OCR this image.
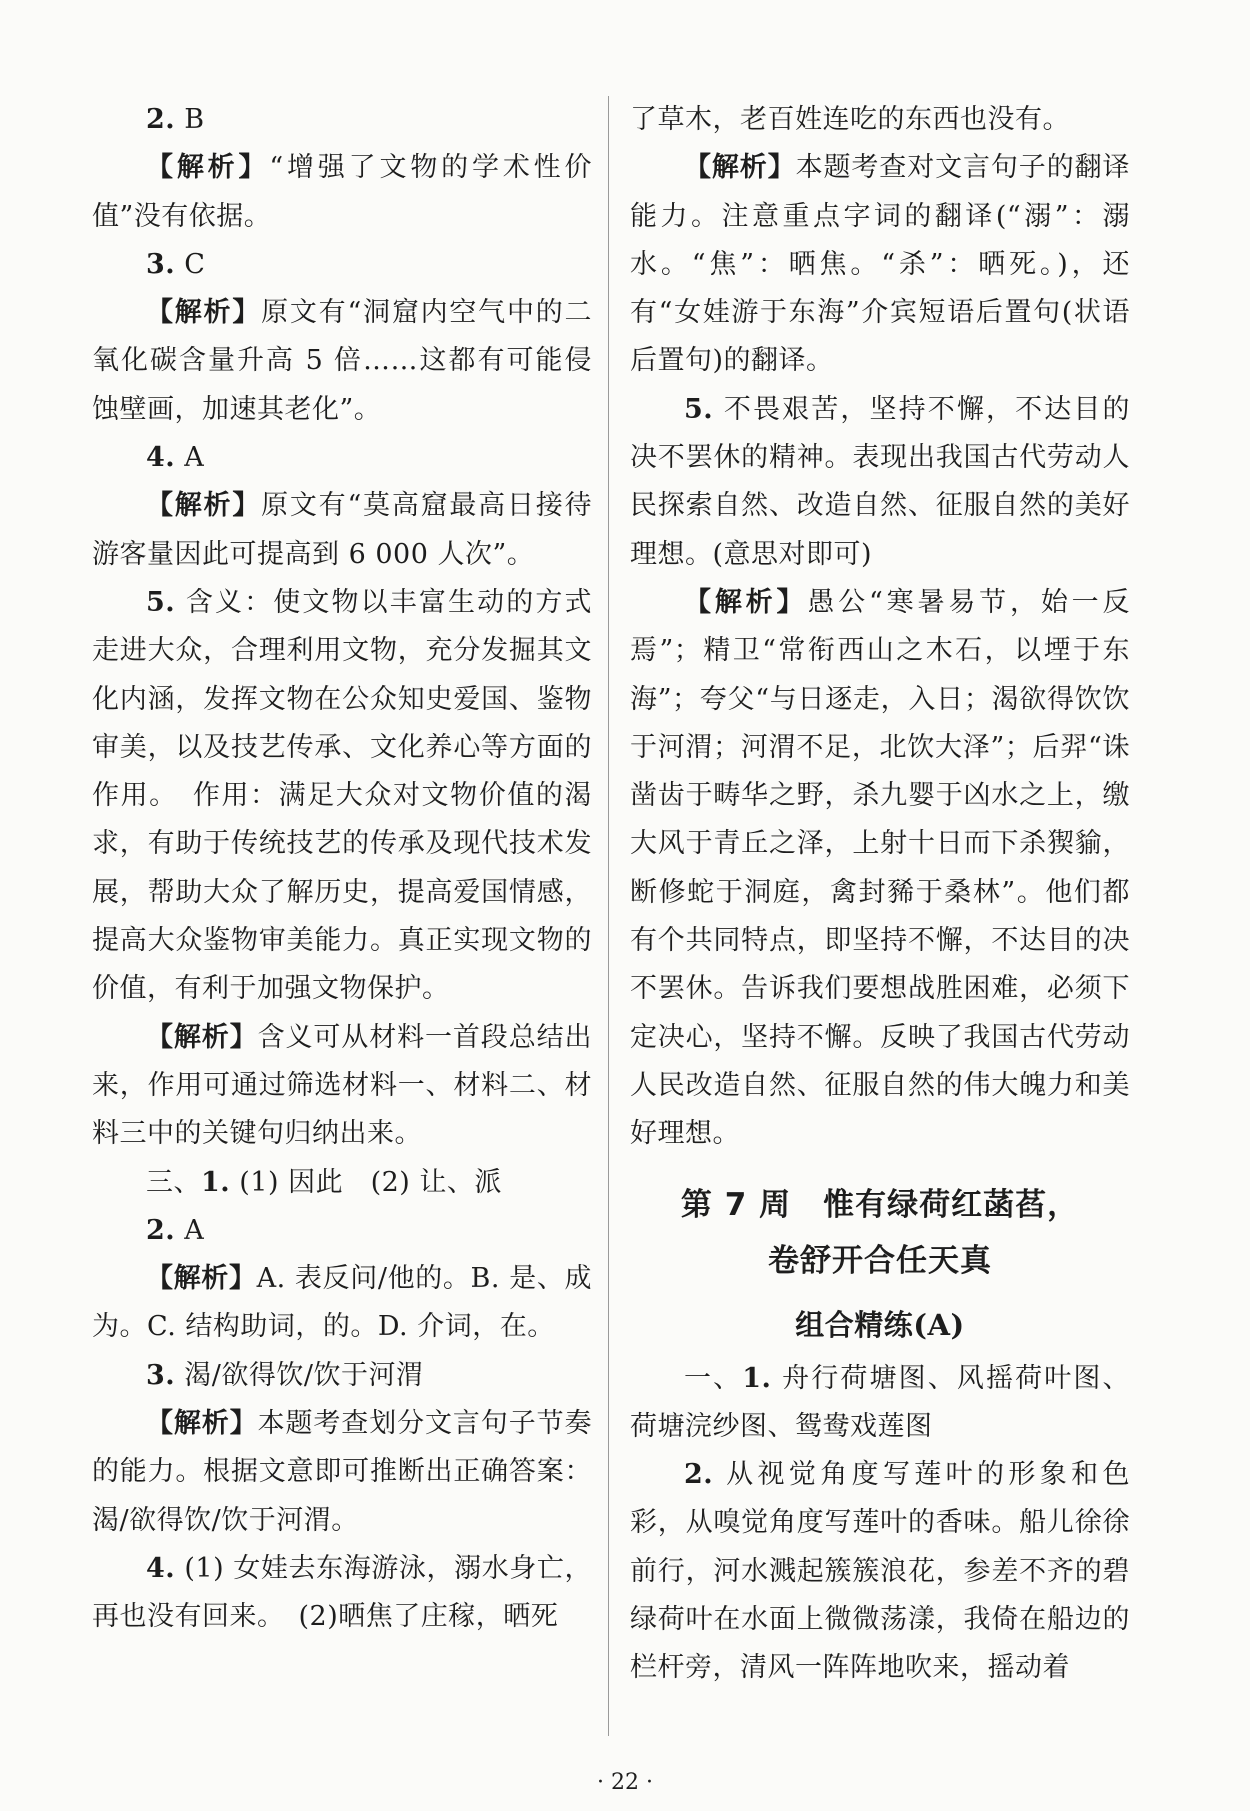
2. B

【解析】“增强了文物的学术性价值”没有依据。

3. C

【解析】原文有“洞窟内空气中的二氧化碳含量升高 5 倍……这都有可能侵蚀壁画，加速其老化”。

4. A

【解析】原文有“莫高窟最高日接待游客量因此可提高到 6 000 人次”。

5. 含义：使文物以丰富生动的方式走进大众，合理利用文物，充分发掘其文化内涵，发挥文物在公众知史爱国、鉴物审美，以及技艺传承、文化养心等方面的作用。　作用：满足大众对文物价值的渴求，有助于传统技艺的传承及现代技术发展，帮助大众了解历史，提高爱国情感，提高大众鉴物审美能力。真正实现文物的价值，有利于加强文物保护。

【解析】含义可从材料一首段总结出来，作用可通过筛选材料一、材料二、材料三中的关键句归纳出来。

三、1. (1) 因此　(2) 让、派

2. A

【解析】A. 表反问/他的。B. 是、成为。C. 结构助词，的。D. 介词，在。

3. 渴/欲得饮/饮于河渭

【解析】本题考查划分文言句子节奏的能力。根据文意即可推断出正确答案：渴/欲得饮/饮于河渭。

4. (1) 女娃去东海游泳，溺水身亡，再也没有回来。　(2)晒焦了庄稼，晒死

了草木，老百姓连吃的东西也没有。

【解析】本题考查对文言句子的翻译能力。注意重点字词的翻译(“溺”：溺水。“焦”：晒焦。“杀”：晒死。)，还有“女娃游于东海”介宾短语后置句(状语后置句)的翻译。

5. 不畏艰苦，坚持不懈，不达目的决不罢休的精神。表现出我国古代劳动人民探索自然、改造自然、征服自然的美好理想。(意思对即可)

【解析】愚公“寒暑易节，始一反焉”；精卫“常衔西山之木石，以堙于东海”；夸父“与日逐走，入日；渴欲得饮饮于河渭；河渭不足，北饮大泽”；后羿“诛凿齿于畴华之野，杀九婴于凶水之上，缴大风于青丘之泽，上射十日而下杀猰貐，断修蛇于洞庭，禽封豨于桑林”。他们都有个共同特点，即坚持不懈，不达目的决不罢休。告诉我们要想战胜困难，必须下定决心，坚持不懈。反映了我国古代劳动人民改造自然、征服自然的伟大魄力和美好理想。

第 7 周　惟有绿荷红菡萏，
卷舒开合任天真
组合精练(A)

一、1. 舟行荷塘图、风摇荷叶图、荷塘浣纱图、鸳鸯戏莲图

2. 从视觉角度写莲叶的形象和色彩，从嗅觉角度写莲叶的香味。船儿徐徐前行，河水溅起簇簇浪花，参差不齐的碧绿荷叶在水面上微微荡漾，我倚在船边的栏杆旁，清风一阵阵地吹来，摇动着

· 22 ·
